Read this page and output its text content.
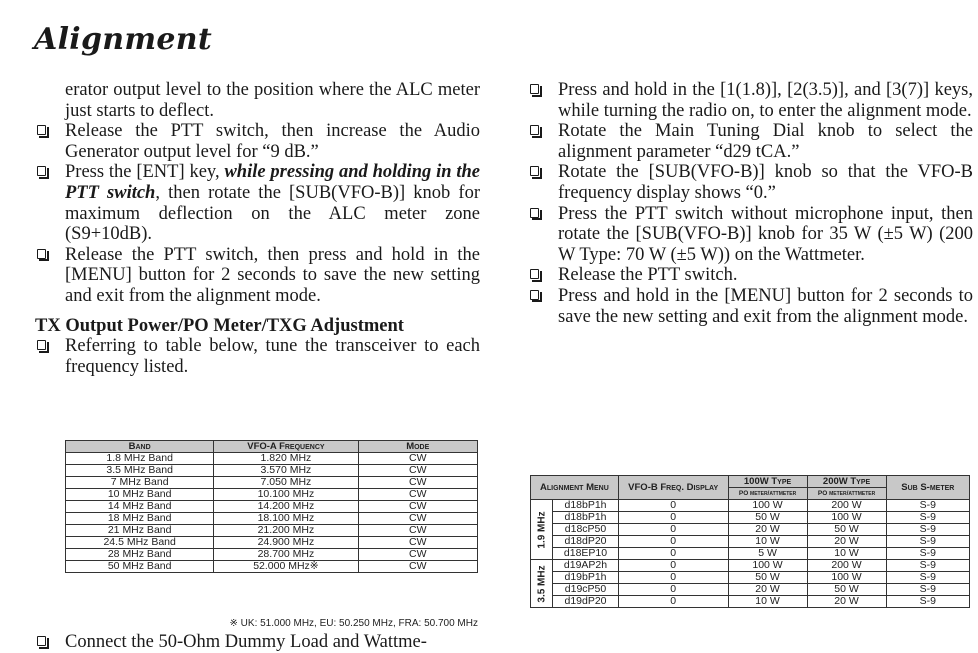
Alignment
erator output level to the position where the ALC meter just starts to deflect.
Release the PTT switch, then increase the Audio Generator output level for “9 dB.”
Press the [ENT] key, while pressing and holding in the PTT switch, then rotate the [SUB(VFO-B)] knob for maximum deflection on the ALC meter zone (S9+10dB).
Release the PTT switch, then press and hold in the [MENU] button for 2 seconds to save the new setting and exit from the alignment mode.
TX Output Power/PO Meter/TXG Adjustment
Referring to table below, tune the transceiver to each frequency listed.
Band	VFO-A Frequency	Mode
1.8 MHz Band	1.820 MHz	CW
3.5 MHz Band	3.570 MHz	CW
7 MHz Band	7.050 MHz	CW
10 MHz Band	10.100 MHz	CW
14 MHz Band	14.200 MHz	CW
18 MHz Band	18.100 MHz	CW
21 MHz Band	21.200 MHz	CW
24.5 MHz Band	24.900 MHz	CW
28 MHz Band	28.700 MHz	CW
50 MHz Band	52.000 MHz※	CW
※ UK: 51.000 MHz, EU: 50.250 MHz, FRA: 50.700 MHz
Connect the 50-Ohm Dummy Load and Wattme-
Press and hold in the [1(1.8)], [2(3.5)], and [3(7)] keys, while turning the radio on, to enter the alignment mode.
Rotate the Main Tuning Dial knob to select the alignment parameter “d29 tCA.”
Rotate the [SUB(VFO-B)] knob so that the VFO-B frequency display shows “0.”
Press the PTT switch without microphone input, then rotate the [SUB(VFO-B)] knob for 35 W (±5 W) (200 W Type: 70 W (±5 W)) on the Wattmeter.
Release the PTT switch.
Press and hold in the [MENU] button for 2 seconds to save the new setting and exit from the alignment mode.
Alignment Menu		VFO-B Freq. Display	100W Type	200W Type	Sub S-meter
			PO meter/attmeter	PO meter/attmeter	

1.9 MHz	d18bP1h	0	100 W	200 W	S-9
	d18bP1h	0	50 W	100 W	S-9
	d18cP50	0	20 W	50 W	S-9
	d18dP20	0	10 W	20 W	S-9
	d18EP10	0	5 W	10 W	S-9

3.5 MHz	d19AP2h	0	100 W	200 W	S-9
	d19bP1h	0	50 W	100 W	S-9
	d19cP50	0	20 W	50 W	S-9
	d19dP20	0	10 W	20 W	S-9
